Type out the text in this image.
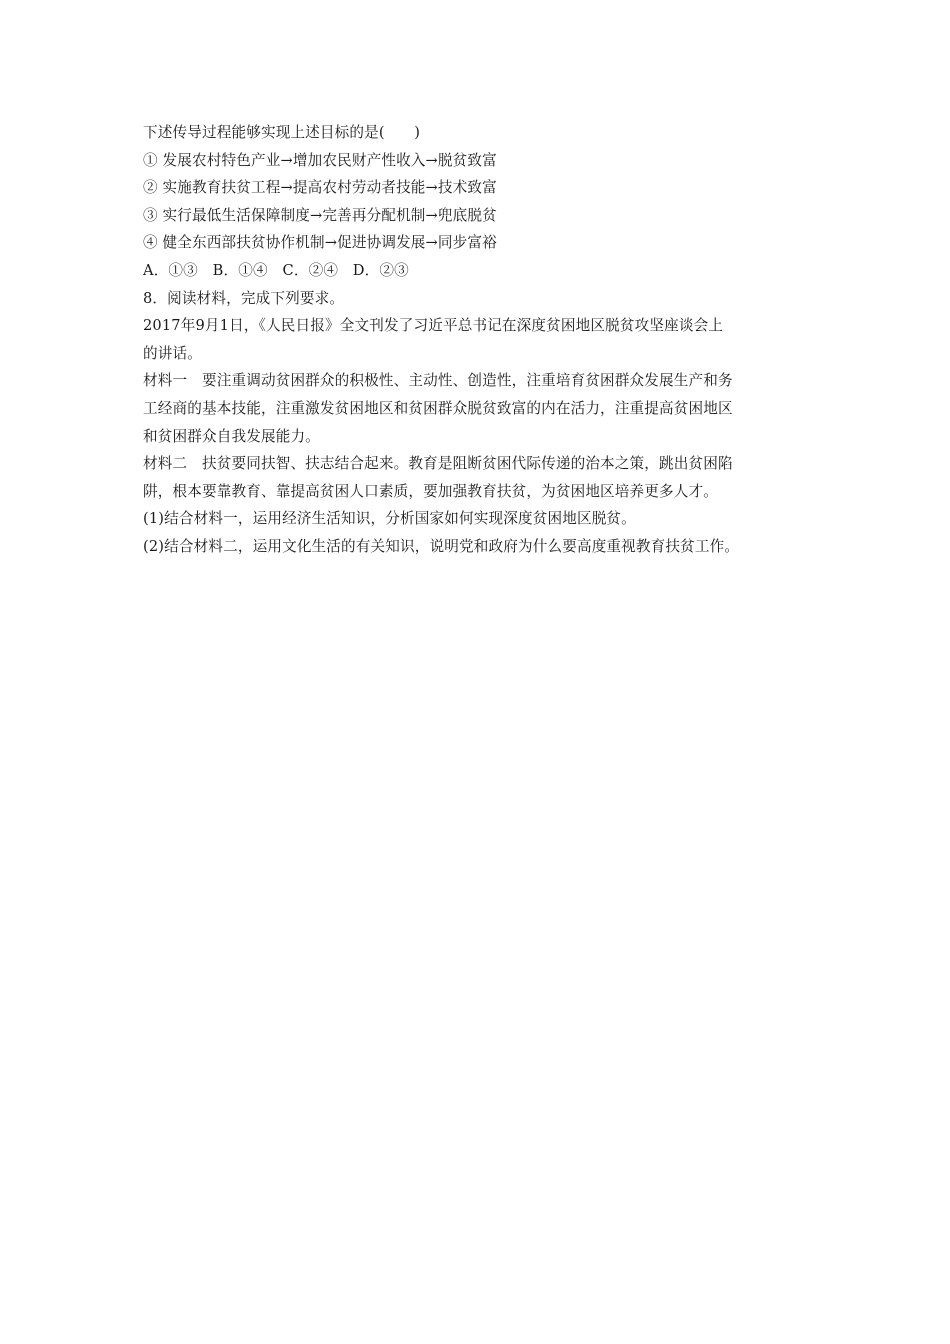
下述传导过程能够实现上述目标的是(　　)
① 发展农村特色产业→增加农民财产性收入→脱贫致富
② 实施教育扶贫工程→提高农村劳动者技能→技术致富
③ 实行最低生活保障制度→完善再分配机制→兜底脱贫
④ 健全东西部扶贫协作机制→促进协调发展→同步富裕
A．①③　B．①④　C．②④　D．②③
8．阅读材料，完成下列要求。
2017年9月1日，《人民日报》全文刊发了习近平总书记在深度贫困地区脱贫攻坚座谈会上
的讲话。
材料一　要注重调动贫困群众的积极性、主动性、创造性，注重培育贫困群众发展生产和务
工经商的基本技能，注重激发贫困地区和贫困群众脱贫致富的内在活力，注重提高贫困地区
和贫困群众自我发展能力。
材料二　扶贫要同扶智、扶志结合起来。教育是阻断贫困代际传递的治本之策，跳出贫困陷
阱，根本要靠教育、靠提高贫困人口素质，要加强教育扶贫，为贫困地区培养更多人才。
(1)结合材料一，运用经济生活知识，分析国家如何实现深度贫困地区脱贫。
(2)结合材料二，运用文化生活的有关知识，说明党和政府为什么要高度重视教育扶贫工作。
